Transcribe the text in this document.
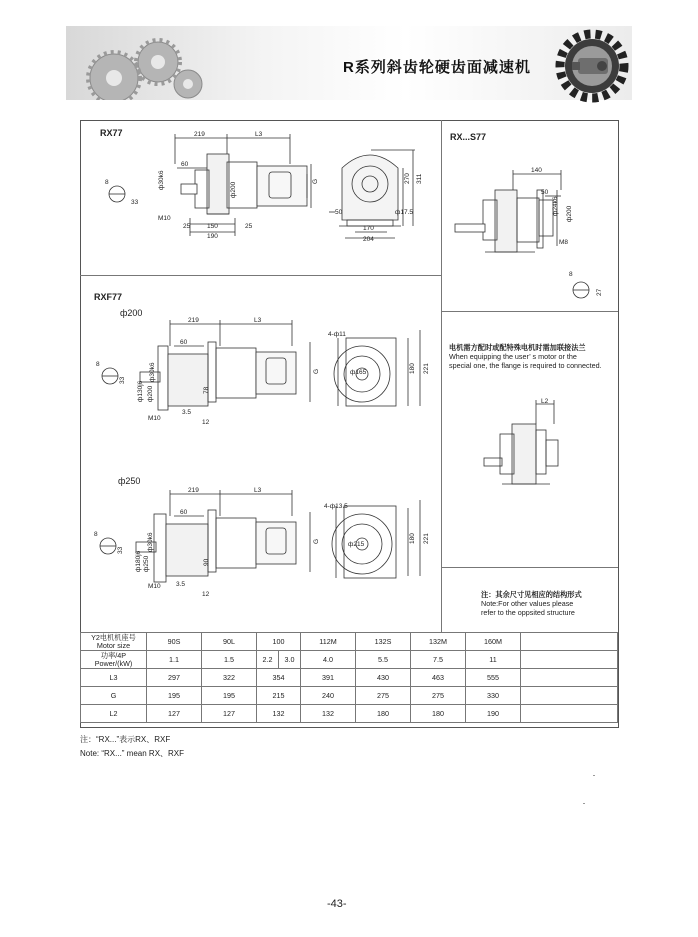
R系列斜齿轮硬齿面减速机
RX77	219	L3
60
8
33
ф30k6	ф200
G
M10
25	150
190
25
270 311
50
170
204
ф17.5
RX...S77
140
50
ф24k6 ф200
M8
8
27
RXF77
ф200
ф250
219	L3
60
8
33	ф30k6
ф130j6 ф200
G
78
M10
3.5
12
4-ф11
ф165	180 221
219	L3
60
8
33	ф30k6
ф180j6 ф250
G
90
M10 3.5
12
4-ф13.5
ф215
180 221
电机需方配时或配特殊电机时需加联接法兰
When equipping the user’ s motor or the
special one, the flange is required to connected.
L2
注：其余尺寸见相应的结构形式
Note:For other values please
refer to the oppsited structure
Y2电机机座号
Motor size	90S	90L	100		112M	132S	132M	160M	
功率/4P
Power/(kW)	1.1	1.5	2.2	3.0	4.0	5.5	7.5	11	
L3	297	322	354		391	430	463	555	
G	195	195	215		240	275	275	330	
L2	127	127	132		132	180	180	190	
注：“RX...”表示RX、RXF
Note: “RX...” mean RX、RXF
-43-
